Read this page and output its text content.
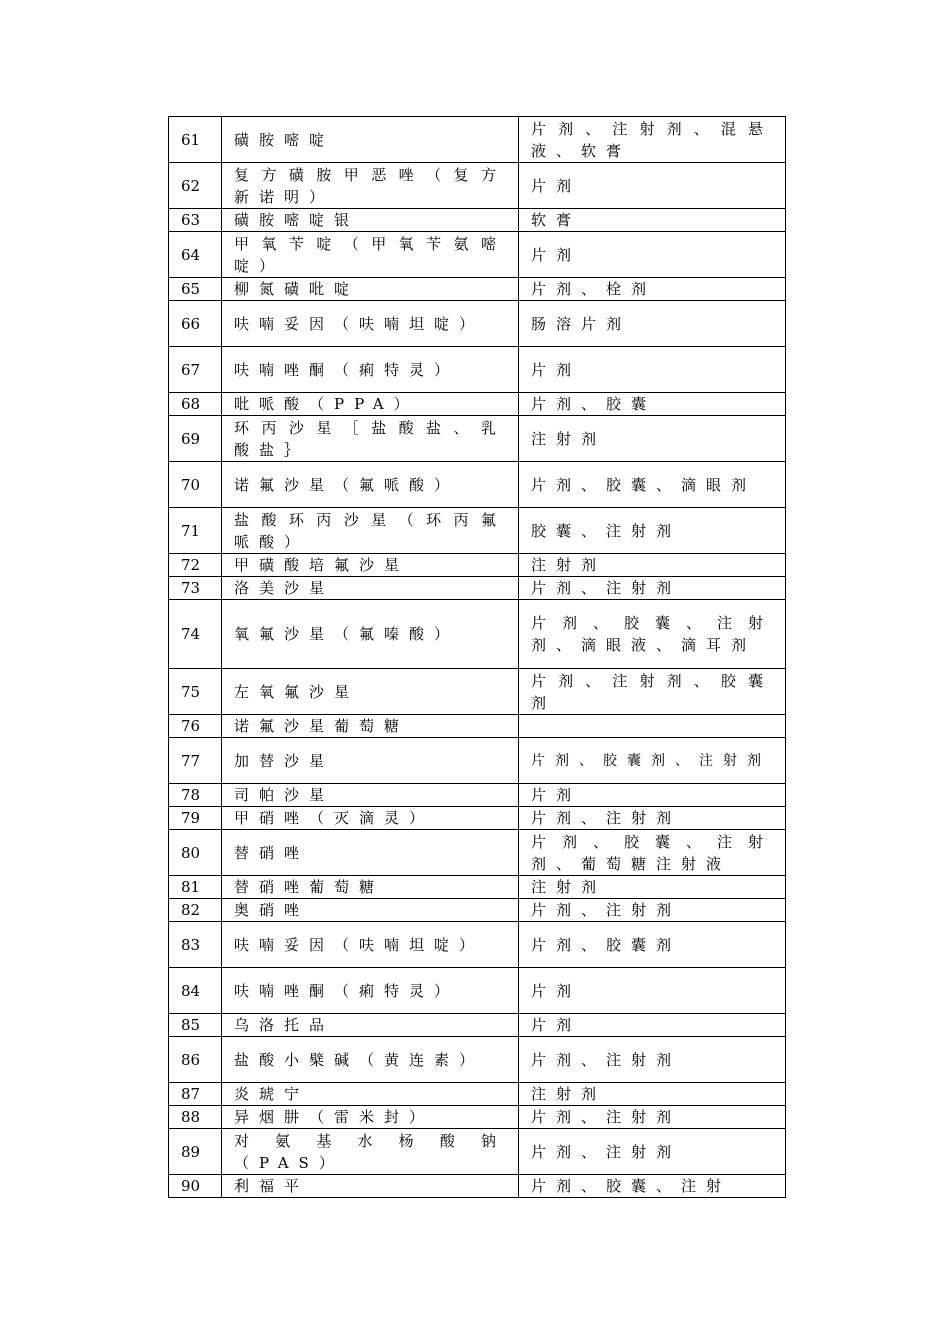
61	磺胺嘧啶	片剂、注射剂、混悬液、软膏
62	复方磺胺甲恶唑（复方新诺明）	片剂
63	磺胺嘧啶银	软膏
64	甲氧苄啶（甲氧苄氨嘧啶）	片剂
65	柳氮磺吡啶	片剂、栓剂
66	呋喃妥因（呋喃坦啶）	肠溶片剂
67	呋喃唑酮（痢特灵）	片剂
68	吡哌酸（PPA）	片剂、胶囊
69	环丙沙星［盐酸盐、乳酸盐｝	注射剂
70	诺氟沙星（氟哌酸）	片剂、胶囊、滴眼剂
71	盐酸环丙沙星（环丙氟哌酸）	胶囊、注射剂
72	甲磺酸培氟沙星	注射剂
73	洛美沙星	片剂、注射剂
74	氧氟沙星（氟嗪酸）	片剂、胶囊、注射剂、滴眼液、滴耳剂
75	左氧氟沙星	片剂、注射剂、胶囊剂
76	诺氟沙星葡萄糖	
77	加替沙星	片剂、胶囊剂、注射剂
78	司帕沙星	片剂
79	甲硝唑（灭滴灵）	片剂、注射剂
80	替硝唑	片剂、胶囊、注射剂、葡萄糖注射液
81	替硝唑葡萄糖	注射剂
82	奥硝唑	片剂、注射剂
83	呋喃妥因（呋喃坦啶）	片剂、胶囊剂
84	呋喃唑酮（痢特灵）	片剂
85	乌洛托品	片剂
86	盐酸小檗碱（黄连素）	片剂、注射剂
87	炎琥宁	注射剂
88	异烟肼（雷米封）	片剂、注射剂
89	对氨基水杨酸钠（PAS）	片剂、注射剂
90	利福平	片剂、胶囊、注射
